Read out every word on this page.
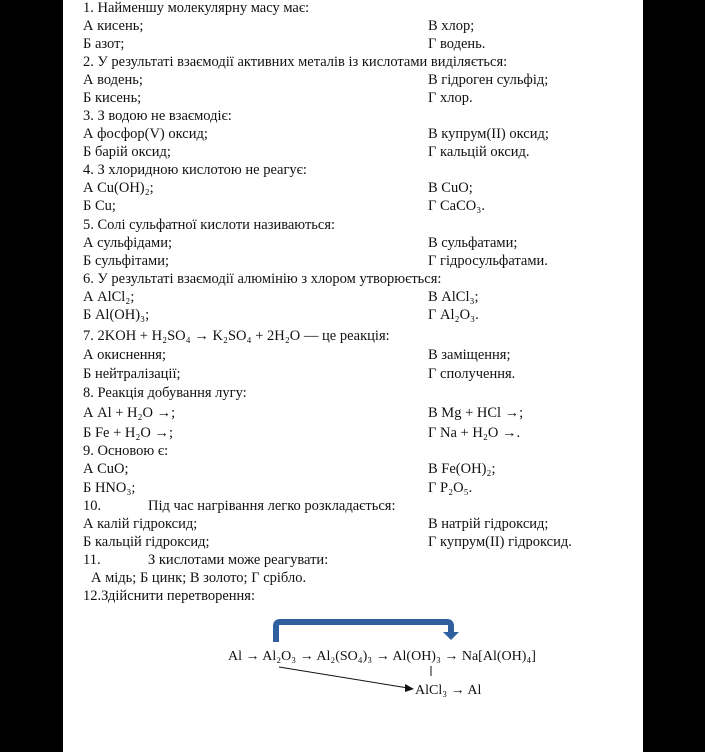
1. Найменшу молекулярну масу має:
А кисень;	В хлор;
Б азот;	Г водень.
2. У результаті взаємодії активних металів із кислотами виділяється:
А водень;	В гідроген сульфід;
Б кисень;	Г хлор.
3. З водою не взаємодіє:
А фосфор(V) оксид;	В купрум(ІІ) оксид;
Б барій оксид;	Г кальцій оксид.
4. З хлоридною кислотою не реагує:
А Cu(OH)₂;	В CuO;
Б Cu;	Г CaCO₃.
5. Солі сульфатної кислоти називаються:
А сульфідами;	В сульфатами;
Б сульфітами;	Г гідросульфатами.
6. У результаті взаємодії алюмінію з хлором утворюється:
А AlCl₂;	В AlCl₃;
Б Al(OH)₃;	Г Al₂O₃.
7. 2KOH + H₂SO₄ → K₂SO₄ + 2H₂O — це реакція:
А окиснення;	В заміщення;
Б нейтралізації;	Г сполучення.
8. Реакція добування лугу:
А Al + H₂O →;	В Mg + HCl →;
Б Fe + H₂O →;	Г Na + H₂O →.
9. Основою є:
А CuO;	В Fe(OH)₂;
Б HNO₃;	Г P₂O₅.
10.	Під час нагрівання легко розкладається:
А калій гідроксид;	В натрій гідроксид;
Б кальцій гідроксид;	Г купрум(ІІ) гідроксид.
11.	З кислотами може реагувати:
А мідь; Б цинк; В золото; Г срібло.
12.Здійснити перетворення:
Al → Al₂O₃ → Al₂(SO₄)₃ → Al(OH)₃ → Na[Al(OH)₄]
AlCl₃ → Al
